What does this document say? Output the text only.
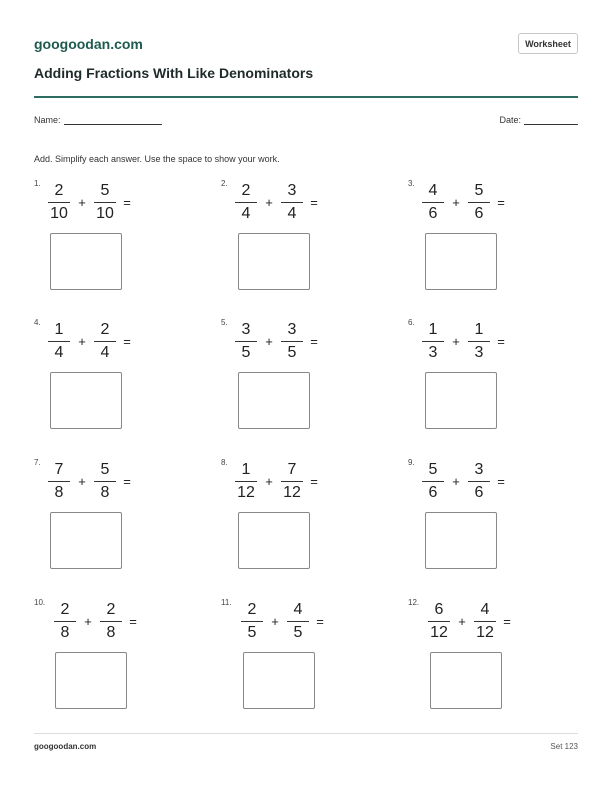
googoodan.com	Worksheet
Adding Fractions With Like Denominators
Name:	Date:
Add. Simplify each answer. Use the space to show your work.
1. $\frac{2}{10} + \frac{5}{10}$ =
2. $\frac{2}{4} + \frac{3}{4}$ =
3. $\frac{4}{6} + \frac{5}{6}$ =
4. $\frac{1}{4} + \frac{2}{4}$ =
5. $\frac{3}{5} + \frac{3}{5}$ =
6. $\frac{1}{3} + \frac{1}{3}$ =
7. $\frac{7}{8} + \frac{5}{8}$ =
8. $\frac{1}{12} + \frac{7}{12}$ =
9. $\frac{5}{6} + \frac{3}{6}$ =
10. $\frac{2}{8} + \frac{2}{8}$ =
11. $\frac{2}{5} + \frac{4}{5}$ =
12. $\frac{6}{12} + \frac{4}{12}$ =
googoodan.com	Set 123
